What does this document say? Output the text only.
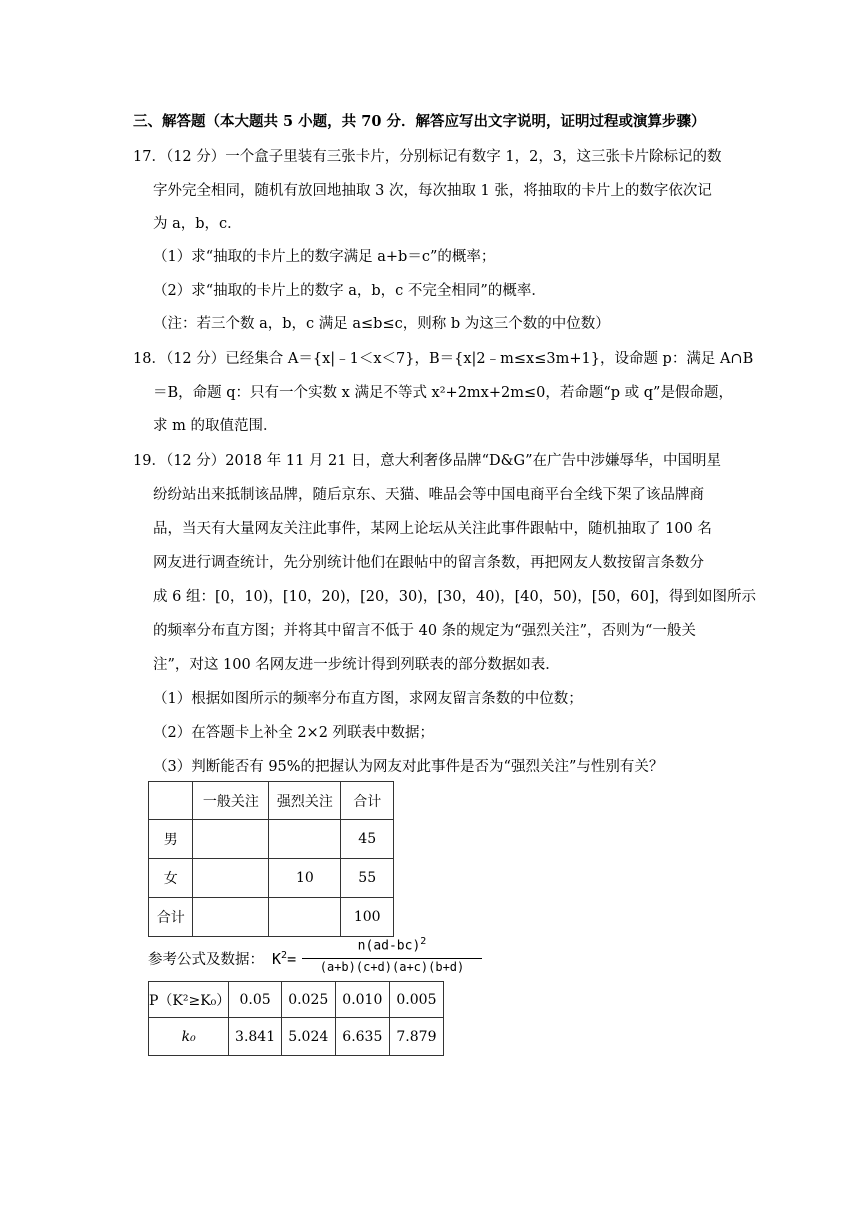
三、解答题（本大题共 5 小题，共 70 分．解答应写出文字说明，证明过程或演算步骤）
17．（12 分）一个盒子里装有三张卡片，分别标记有数字 1，2，3，这三张卡片除标记的数
字外完全相同，随机有放回地抽取 3 次，每次抽取 1 张，将抽取的卡片上的数字依次记
为 a，b，c．
（1）求“抽取的卡片上的数字满足 a+b＝c”的概率；
（2）求“抽取的卡片上的数字 a，b，c 不完全相同”的概率．
（注：若三个数 a，b，c 满足 a≤b≤c，则称 b 为这三个数的中位数）
18．（12 分）已经集合 A＝{x|﹣1＜x＜7}，B＝{x|2﹣m≤x≤3m+1}，设命题 p：满足 A∩B
＝B，命题 q：只有一个实数 x 满足不等式 x²+2mx+2m≤0，若命题“p 或 q”是假命题，
求 m 的取值范围．
19．（12 分）2018 年 11 月 21 日，意大利奢侈品牌“D&G”在广告中涉嫌辱华，中国明星
纷纷站出来抵制该品牌，随后京东、天猫、唯品会等中国电商平台全线下架了该品牌商
品，当天有大量网友关注此事件，某网上论坛从关注此事件跟帖中，随机抽取了 100 名
网友进行调查统计，先分别统计他们在跟帖中的留言条数，再把网友人数按留言条数分
成 6 组：[0，10)，[10，20)，[20，30)，[30，40)，[40，50)，[50，60]，得到如图所示
的频率分布直方图；并将其中留言不低于 40 条的规定为“强烈关注”，否则为“一般关
注”，对这 100 名网友进一步统计得到列联表的部分数据如表．
（1）根据如图所示的频率分布直方图，求网友留言条数的中位数；
（2）在答题卡上补全 2×2 列联表中数据；
（3）判断能否有 95%的把握认为网友对此事件是否为“强烈关注”与性别有关？
	一般关注	强烈关注	合计
男			45
女		10	55
合计			100
参考公式及数据： $K^2=$
$n(ad-bc)^2$
(a+b)(c+d)(a+c)(b+d)
P（K²≥K₀）	0.05	0.025	0.010	0.005
k₀	3.841	5.024	6.635	7.879
